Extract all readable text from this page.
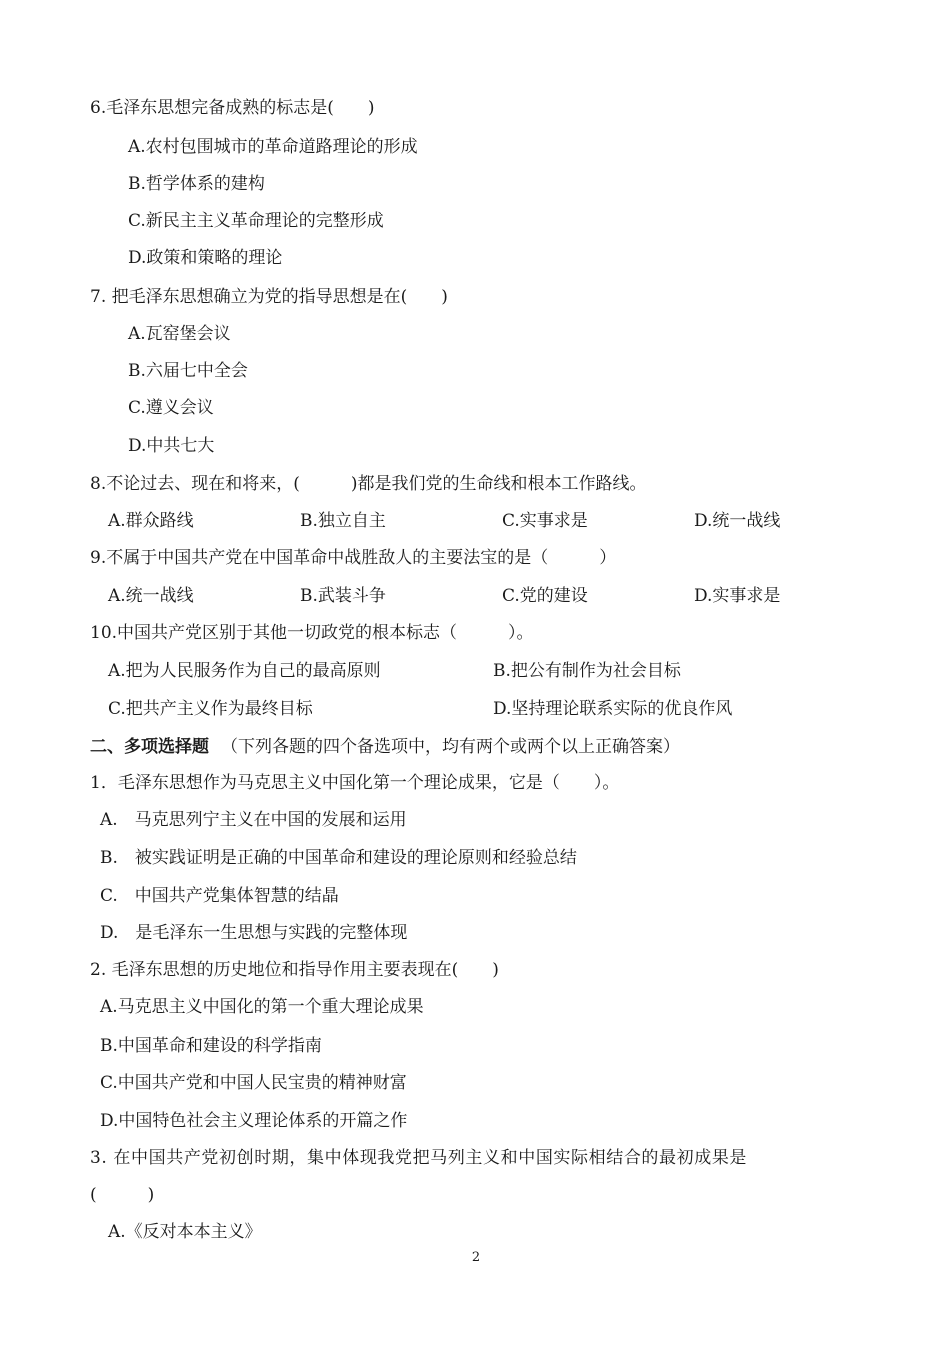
6.毛泽东思想完备成熟的标志是(　　)
A.农村包围城市的革命道路理论的形成
B.哲学体系的建构
C.新民主主义革命理论的完整形成
D.政策和策略的理论
7. 把毛泽东思想确立为党的指导思想是在(　　)
A.瓦窑堡会议
B.六届七中全会
C.遵义会议
D.中共七大
8.不论过去、现在和将来，(　　　)都是我们党的生命线和根本工作路线。
A.群众路线	B.独立自主	C.实事求是	D.统一战线
9.不属于中国共产党在中国革命中战胜敌人的主要法宝的是（　　　）
A.统一战线	B.武装斗争	C.党的建设	D.实事求是
10.中国共产党区别于其他一切政党的根本标志（　　　）。
A.把为人民服务作为自己的最高原则	B.把公有制作为社会目标
C.把共产主义作为最终目标	D.坚持理论联系实际的优良作风
二、多项选择题 （下列各题的四个备选项中，均有两个或两个以上正确答案）
1．毛泽东思想作为马克思主义中国化第一个理论成果，它是（　　）。
A.　马克思列宁主义在中国的发展和运用
B.　被实践证明是正确的中国革命和建设的理论原则和经验总结
C.　中国共产党集体智慧的结晶
D.　是毛泽东一生思想与实践的完整体现
2. 毛泽东思想的历史地位和指导作用主要表现在(　　)
A.马克思主义中国化的第一个重大理论成果
B.中国革命和建设的科学指南
C.中国共产党和中国人民宝贵的精神财富
D.中国特色社会主义理论体系的开篇之作
3. 在中国共产党初创时期，集中体现我党把马列主义和中国实际相结合的最初成果是
(　　　)
A.《反对本本主义》
2
